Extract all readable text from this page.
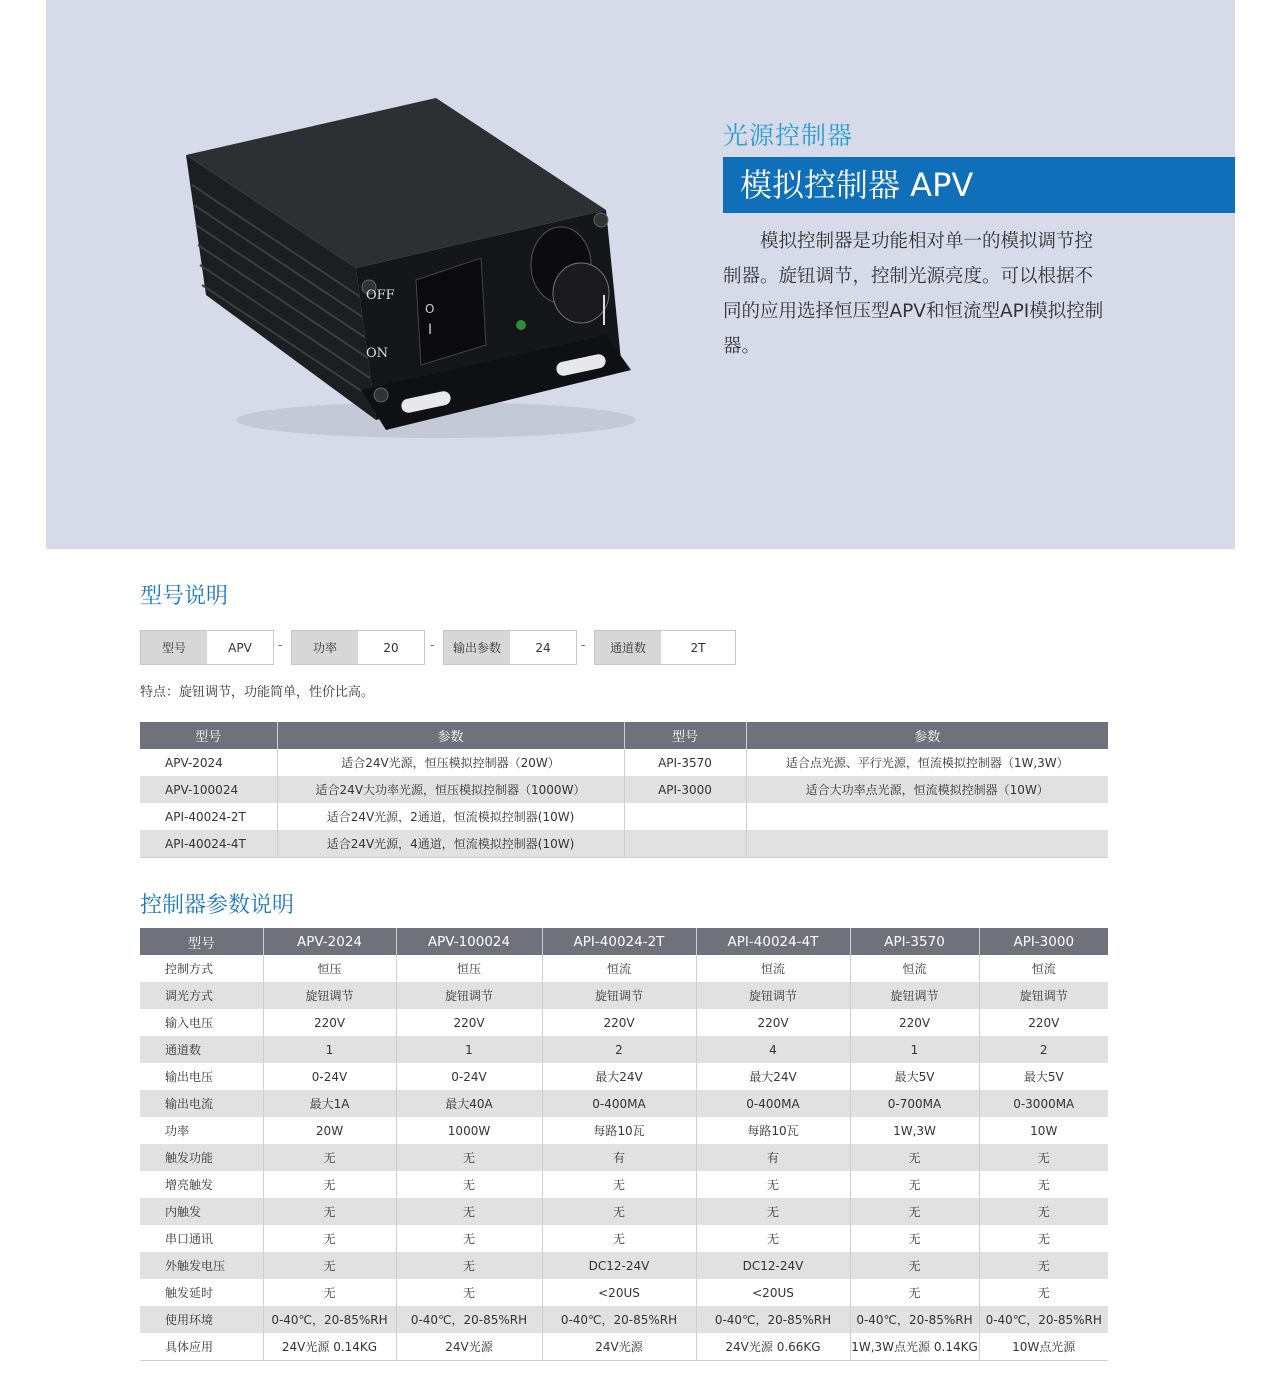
OFF
ON
O
I
光源控制器
模拟控制器 APV
模拟控制器是功能相对单一的模拟调节控制器。旋钮调节，控制光源亮度。可以根据不同的应用选择恒压型APV和恒流型API模拟控制器。
型号说明
型号	APV	-	功率	20	-	输出参数	24	-	通道数	2T
特点：旋钮调节，功能简单，性价比高。
型号	参数	型号	参数
APV-2024	适合24V光源，恒压模拟控制器（20W）	API-3570	适合点光源、平行光源，恒流模拟控制器（1W,3W）
APV-100024	适合24V大功率光源，恒压模拟控制器（1000W）	API-3000	适合大功率点光源，恒流模拟控制器（10W）
API-40024-2T	适合24V光源，2通道，恒流模拟控制器(10W)		
API-40024-4T	适合24V光源，4通道，恒流模拟控制器(10W)		
控制器参数说明
型号	APV-2024	APV-100024	API-40024-2T	API-40024-4T	API-3570	API-3000
控制方式	恒压	恒压	恒流	恒流	恒流	恒流
调光方式	旋钮调节	旋钮调节	旋钮调节	旋钮调节	旋钮调节	旋钮调节
输入电压	220V	220V	220V	220V	220V	220V
通道数	1	1	2	4	1	2
输出电压	0-24V	0-24V	最大24V	最大24V	最大5V	最大5V
输出电流	最大1A	最大40A	0-400MA	0-400MA	0-700MA	0-3000MA
功率	20W	1000W	每路10瓦	每路10瓦	1W,3W	10W
触发功能	无	无	有	有	无	无
增亮触发	无	无	无	无	无	无
内触发	无	无	无	无	无	无
串口通讯	无	无	无	无	无	无
外触发电压	无	无	DC12-24V	DC12-24V	无	无
触发延时	无	无	<20US	<20US	无	无
使用环境	0-40℃，20-85%RH	0-40℃，20-85%RH	0-40℃，20-85%RH	0-40℃，20-85%RH	0-40℃，20-85%RH	0-40℃，20-85%RH
具体应用	24V光源 0.14KG	24V光源	24V光源	24V光源 0.66KG	1W,3W点光源 0.14KG	10W点光源
